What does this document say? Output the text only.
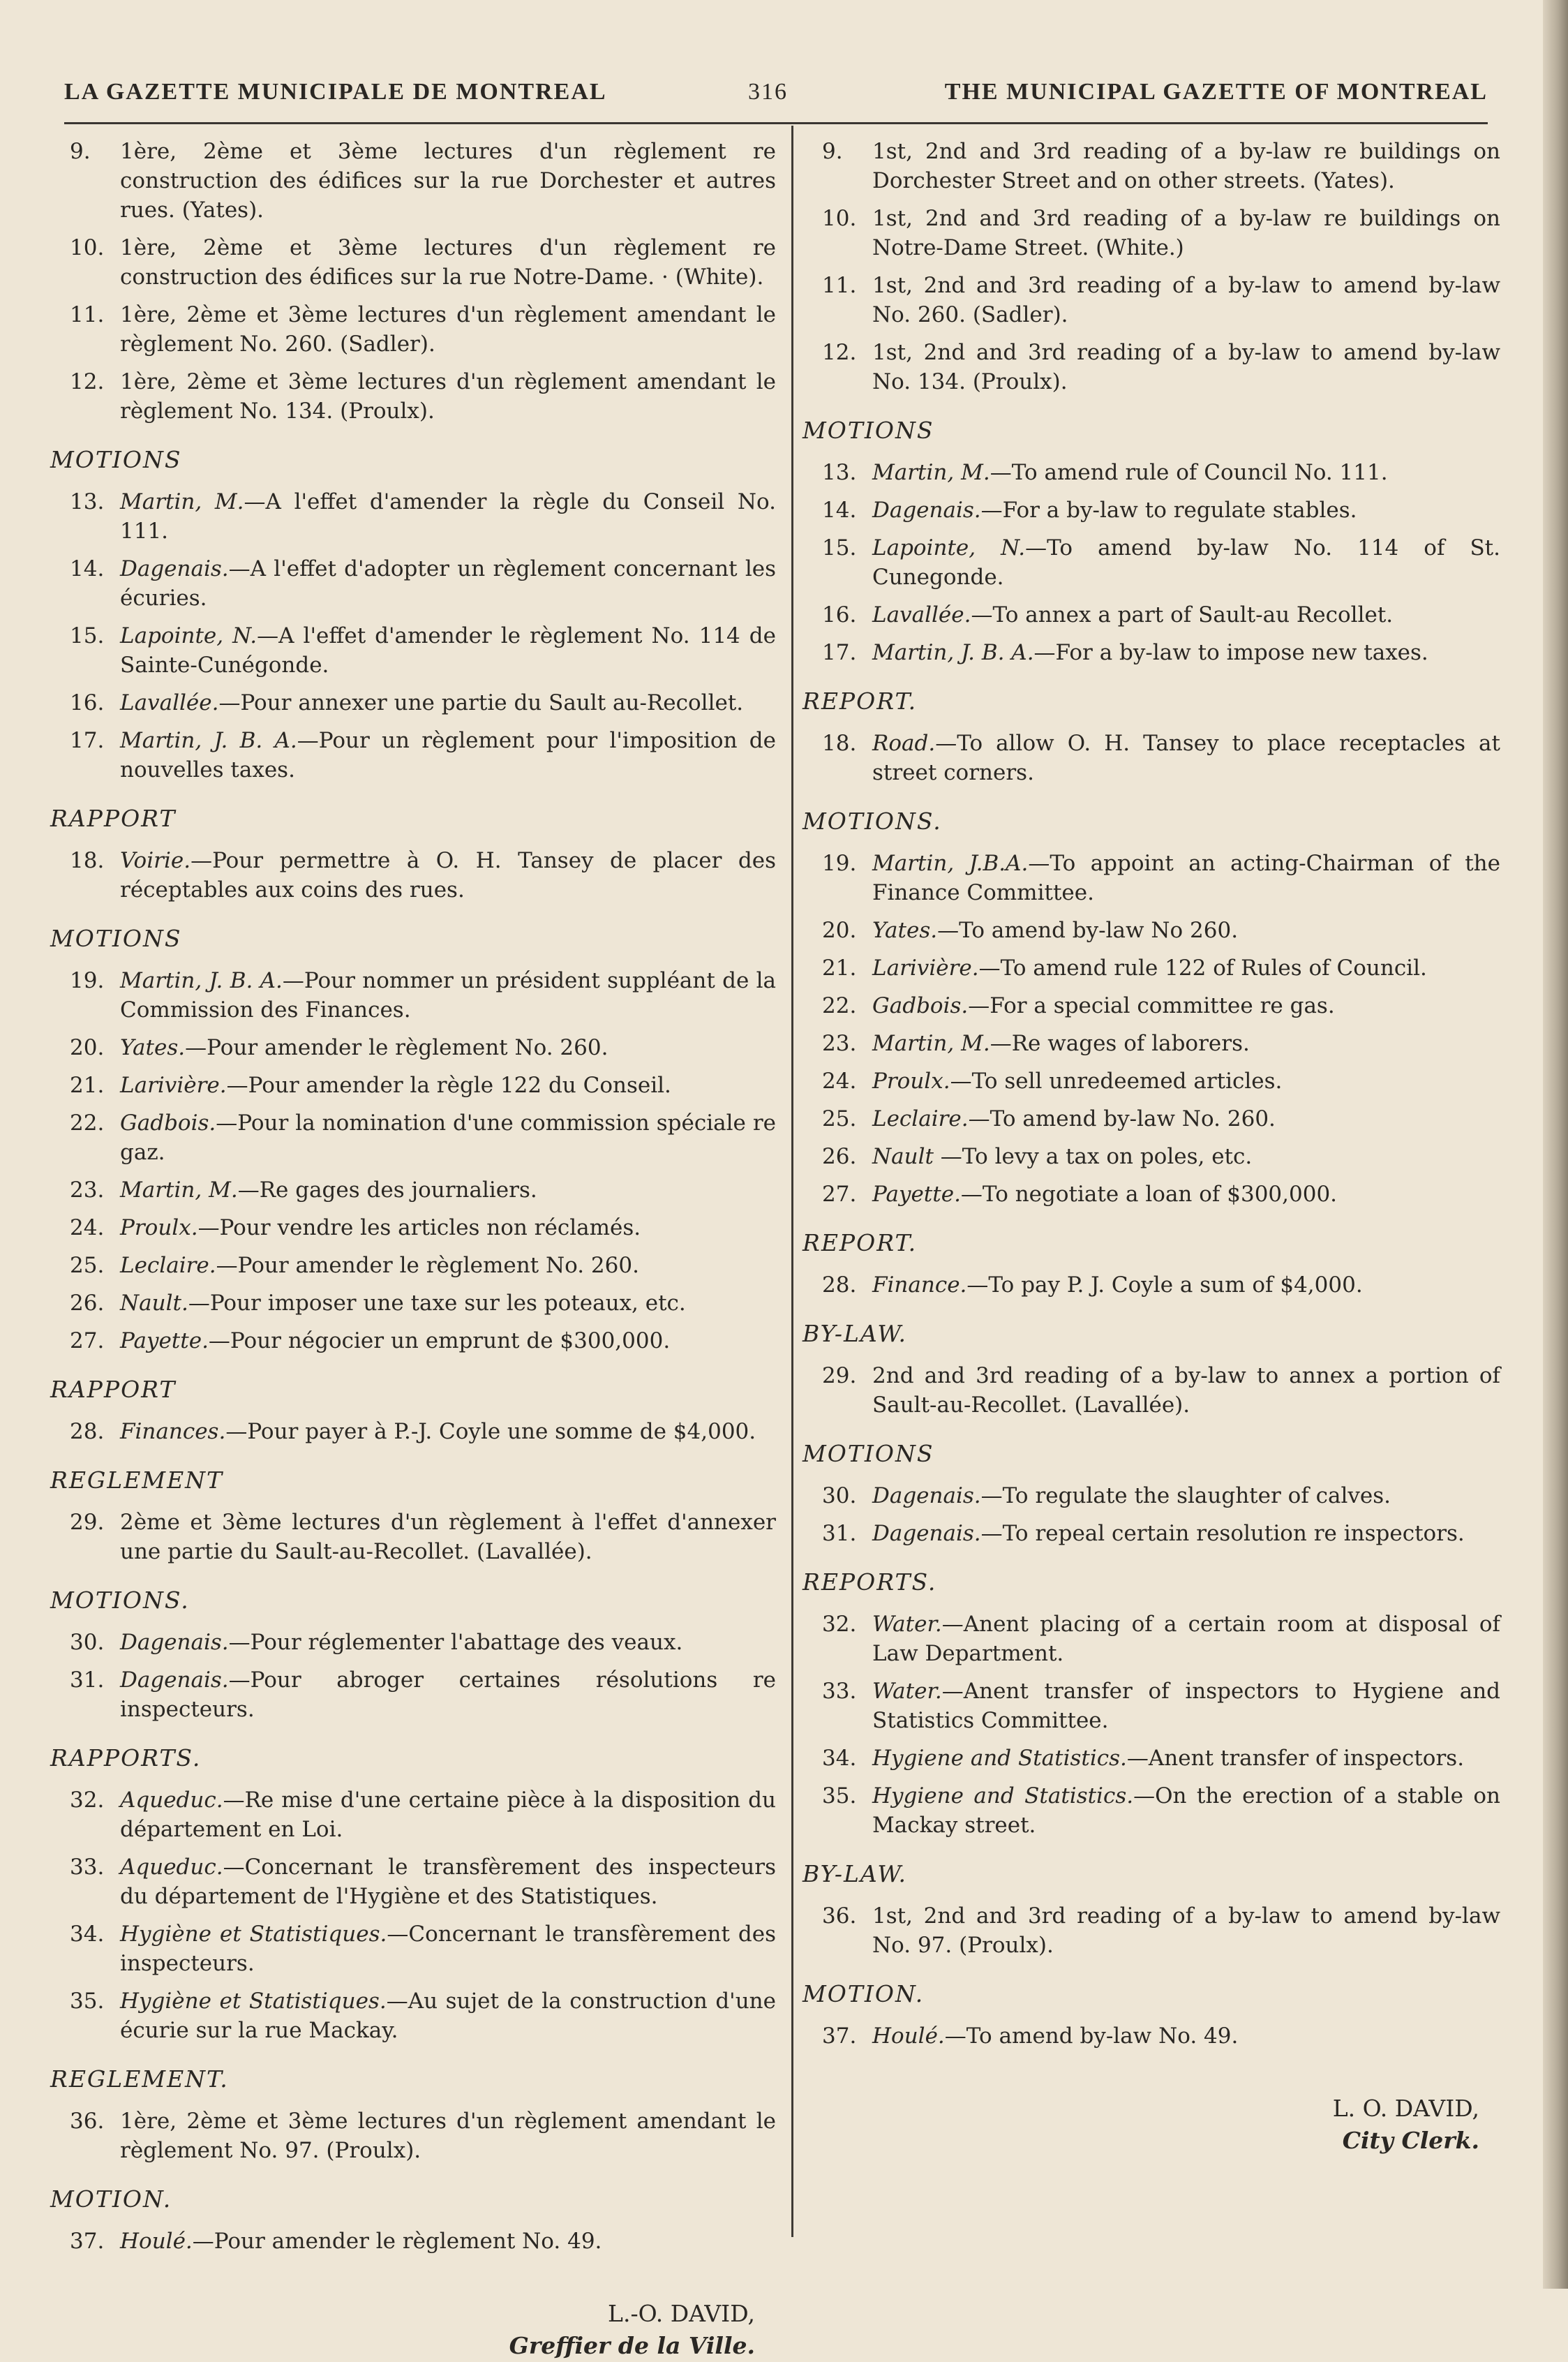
LA GAZETTE MUNICIPALE DE MONTREAL	316	THE MUNICIPAL GAZETTE OF MONTREAL
9. 1ère, 2ème et 3ème lectures d'un règlement re construction des édifices sur la rue Dorchester et autres rues. (Yates).
10. 1ère, 2ème et 3ème lectures d'un règlement re construction des édifices sur la rue Notre-Dame. · (White).
11. 1ère, 2ème et 3ème lectures d'un règlement amendant le règlement No. 260. (Sadler).
12. 1ère, 2ème et 3ème lectures d'un règlement amendant le règlement No. 134. (Proulx).
MOTIONS
13. Martin, M.—A l'effet d'amender la règle du Conseil No. 111.
14. Dagenais.—A l'effet d'adopter un règlement concernant les écuries.
15. Lapointe, N.—A l'effet d'amender le règlement No. 114 de Sainte-Cunégonde.
16. Lavallée.—Pour annexer une partie du Sault au-Recollet.
17. Martin, J. B. A.—Pour un règlement pour l'imposition de nouvelles taxes.
RAPPORT
18. Voirie.—Pour permettre à O. H. Tansey de placer des réceptables aux coins des rues.
MOTIONS
19. Martin, J. B. A.—Pour nommer un président suppléant de la Commission des Finances.
20. Yates.—Pour amender le règlement No. 260.
21. Larivière.—Pour amender la règle 122 du Conseil.
22. Gadbois.—Pour la nomination d'une commission spéciale re gaz.
23. Martin, M.—Re gages des journaliers.
24. Proulx.—Pour vendre les articles non réclamés.
25. Leclaire.—Pour amender le règlement No. 260.
26. Nault.—Pour imposer une taxe sur les poteaux, etc.
27. Payette.—Pour négocier un emprunt de $300,000.
RAPPORT
28. Finances.—Pour payer à P.-J. Coyle une somme de $4,000.
REGLEMENT
29. 2ème et 3ème lectures d'un règlement à l'effet d'annexer une partie du Sault-au-Recollet. (Lavallée).
MOTIONS.
30. Dagenais.—Pour réglementer l'abattage des veaux.
31. Dagenais.—Pour abroger certaines résolutions re inspecteurs.
RAPPORTS.
32. Aqueduc.—Re mise d'une certaine pièce à la disposition du département en Loi.
33. Aqueduc.—Concernant le transfèrement des inspecteurs du département de l'Hygiène et des Statistiques.
34. Hygiène et Statistiques.—Concernant le transfèrement des inspecteurs.
35. Hygiène et Statistiques.—Au sujet de la construction d'une écurie sur la rue Mackay.
REGLEMENT.
36. 1ère, 2ème et 3ème lectures d'un règlement amendant le règlement No. 97. (Proulx).
MOTION.
37. Houlé.—Pour amender le règlement No. 49.
L.-O. DAVID,
Greffier de la Ville.
9. 1st, 2nd and 3rd reading of a by-law re buildings on Dorchester Street and on other streets. (Yates).
10. 1st, 2nd and 3rd reading of a by-law re buildings on Notre-Dame Street. (White.)
11. 1st, 2nd and 3rd reading of a by-law to amend by-law No. 260. (Sadler).
12. 1st, 2nd and 3rd reading of a by-law to amend by-law No. 134. (Proulx).
MOTIONS
13. Martin, M.—To amend rule of Council No. 111.
14. Dagenais.—For a by-law to regulate stables.
15. Lapointe, N.—To amend by-law No. 114 of St. Cunegonde.
16. Lavallée.—To annex a part of Sault-au Recollet.
17. Martin, J. B. A.—For a by-law to impose new taxes.
REPORT.
18. Road.—To allow O. H. Tansey to place receptacles at street corners.
MOTIONS.
19. Martin, J.B.A.—To appoint an acting-Chairman of the Finance Committee.
20. Yates.—To amend by-law No 260.
21. Larivière.—To amend rule 122 of Rules of Council.
22. Gadbois.—For a special committee re gas.
23. Martin, M.—Re wages of laborers.
24. Proulx.—To sell unredeemed articles.
25. Leclaire.—To amend by-law No. 260.
26. Nault —To levy a tax on poles, etc.
27. Payette.—To negotiate a loan of $300,000.
REPORT.
28. Finance.—To pay P. J. Coyle a sum of $4,000.
BY-LAW.
29. 2nd and 3rd reading of a by-law to annex a portion of Sault-au-Recollet. (Lavallée).
MOTIONS
30. Dagenais.—To regulate the slaughter of calves.
31. Dagenais.—To repeal certain resolution re inspectors.
REPORTS.
32. Water.—Anent placing of a certain room at disposal of Law Department.
33. Water.—Anent transfer of inspectors to Hygiene and Statistics Committee.
34. Hygiene and Statistics.—Anent transfer of inspectors.
35. Hygiene and Statistics.—On the erection of a stable on Mackay street.
BY-LAW.
36. 1st, 2nd and 3rd reading of a by-law to amend by-law No. 97. (Proulx).
MOTION.
37. Houlé.—To amend by-law No. 49.
L. O. DAVID,
City Clerk.
